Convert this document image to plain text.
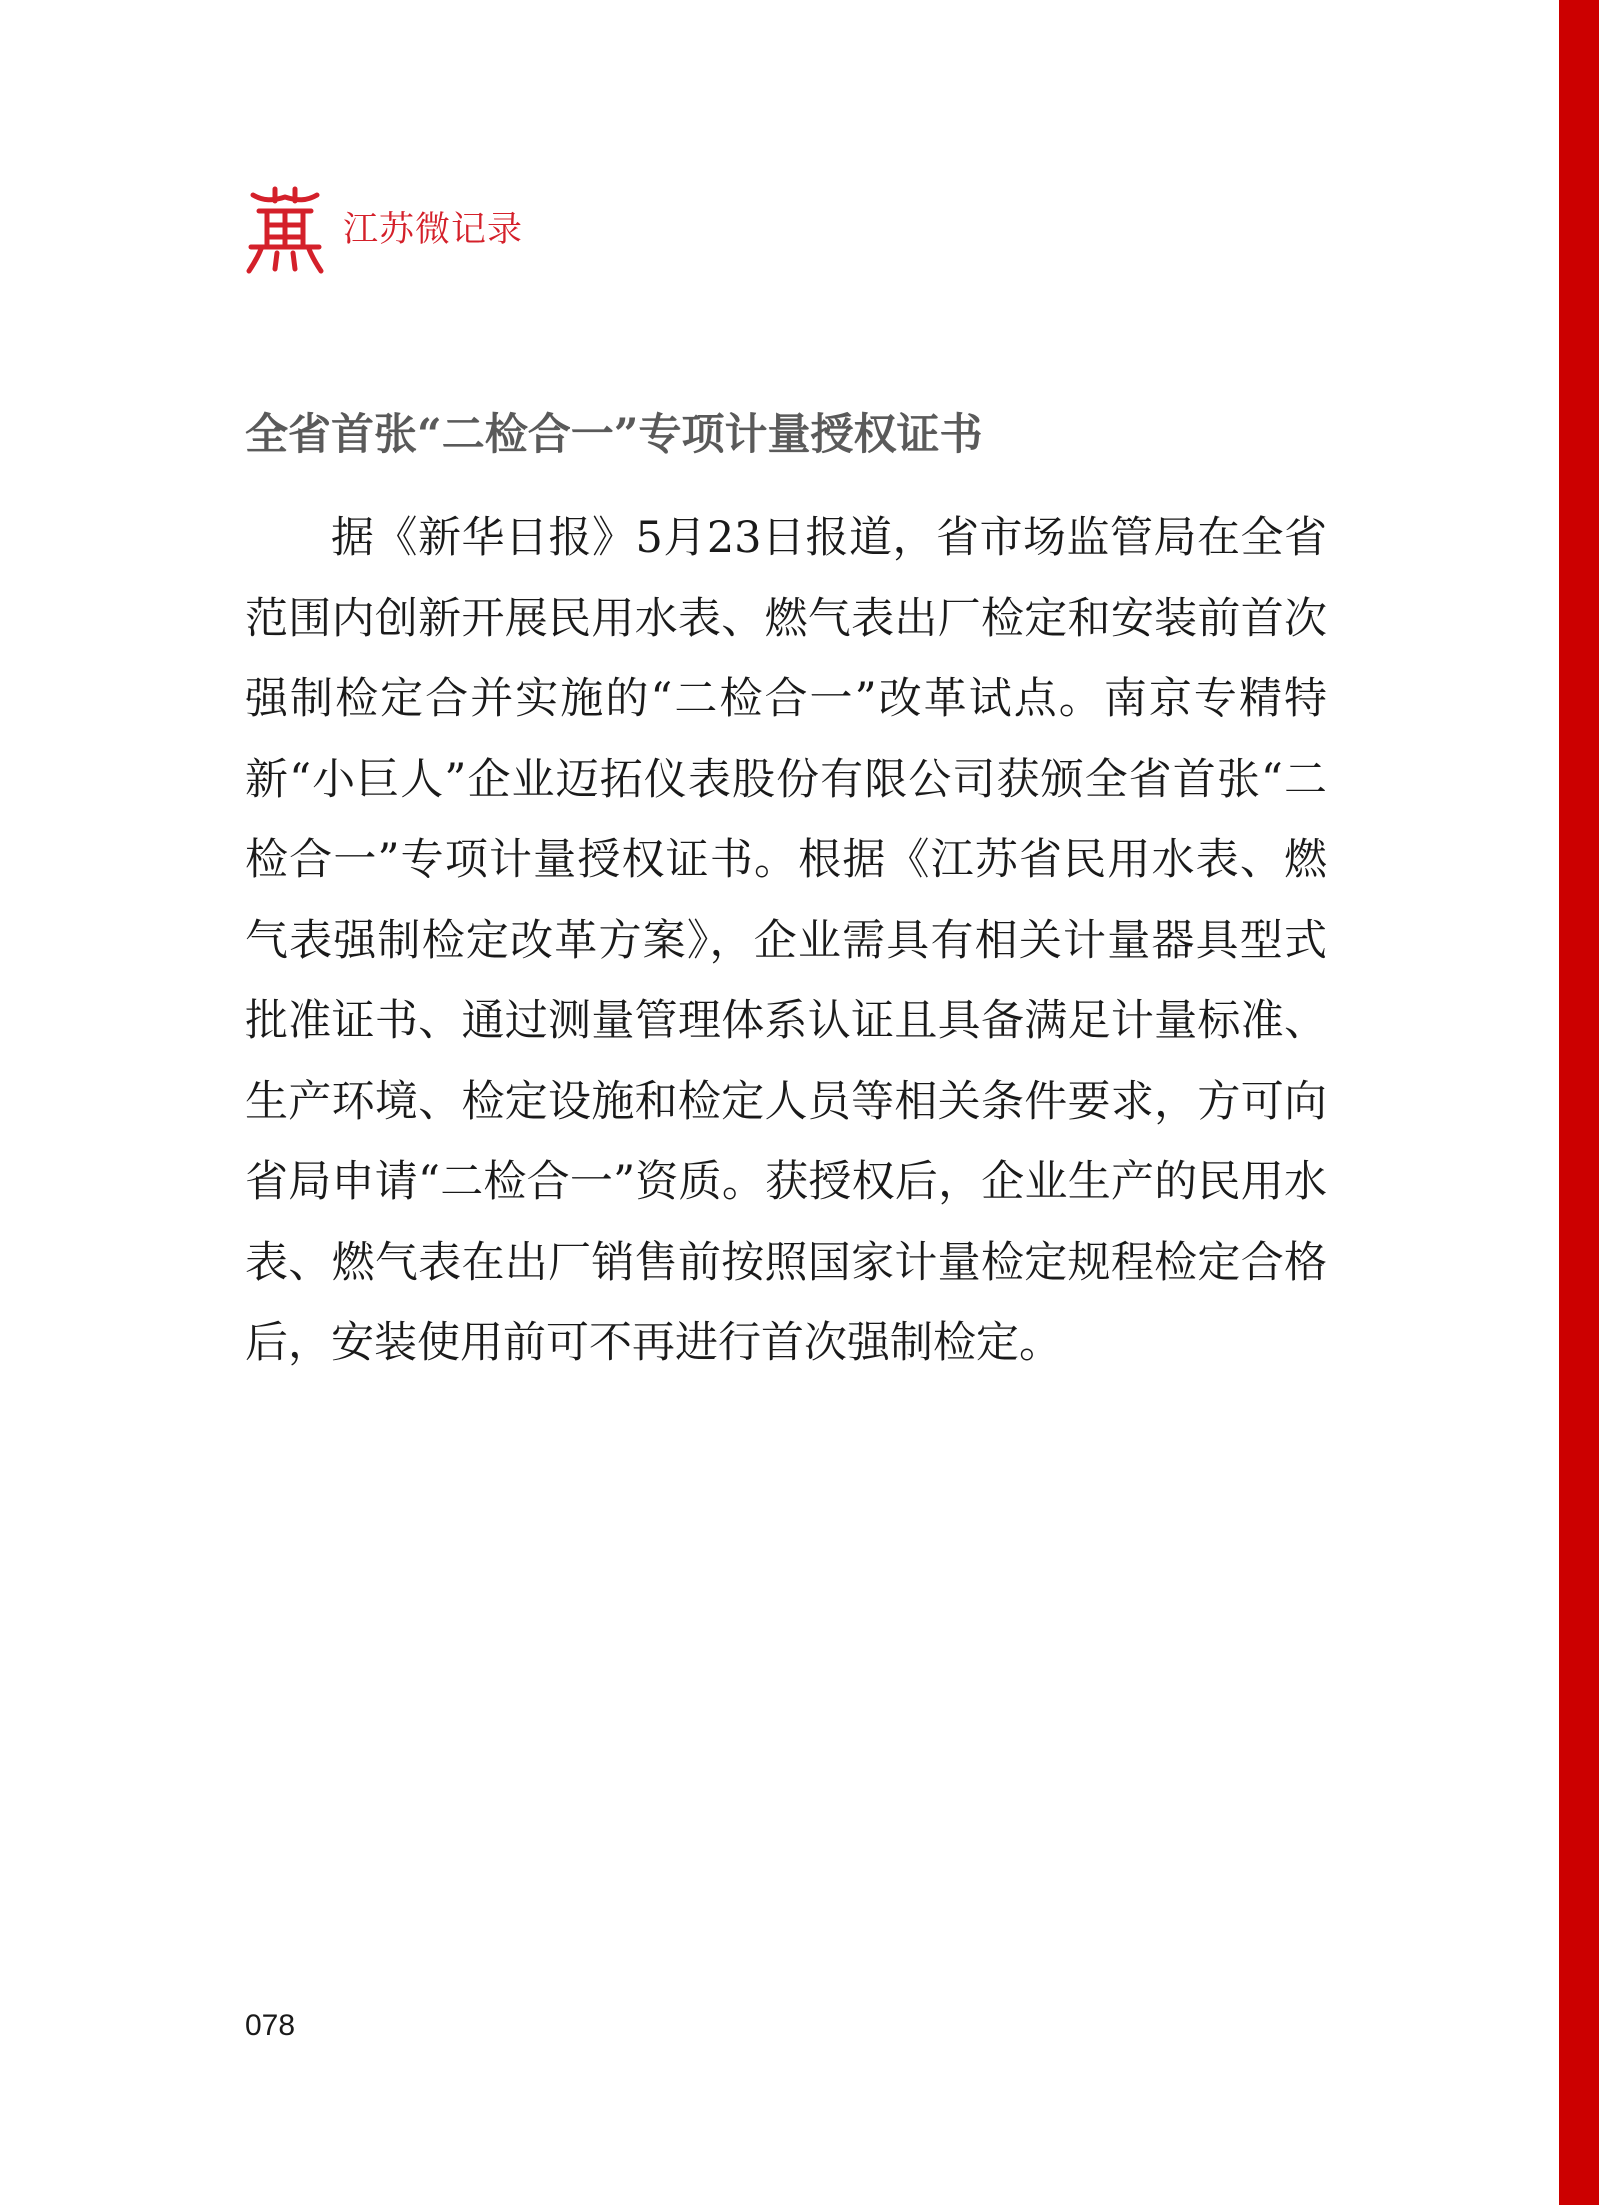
江苏微记录
全省首张“二检合一”专项计量授权证书

据《新华日报》5月23日报道，省市场监管局在全省范围内创新开展民用水表、燃气表出厂检定和安装前首次强制检定合并实施的“二检合一”改革试点。南京专精特新“小巨人”企业迈拓仪表股份有限公司获颁全省首张“二检合一”专项计量授权证书。根据《江苏省民用水表、燃气表强制检定改革方案》，企业需具有相关计量器具型式批准证书、通过测量管理体系认证且具备满足计量标准、生产环境、检定设施和检定人员等相关条件要求，方可向省局申请“二检合一”资质。获授权后，企业生产的民用水表、燃气表在出厂销售前按照国家计量检定规程检定合格后，安装使用前可不再进行首次强制检定。

078
